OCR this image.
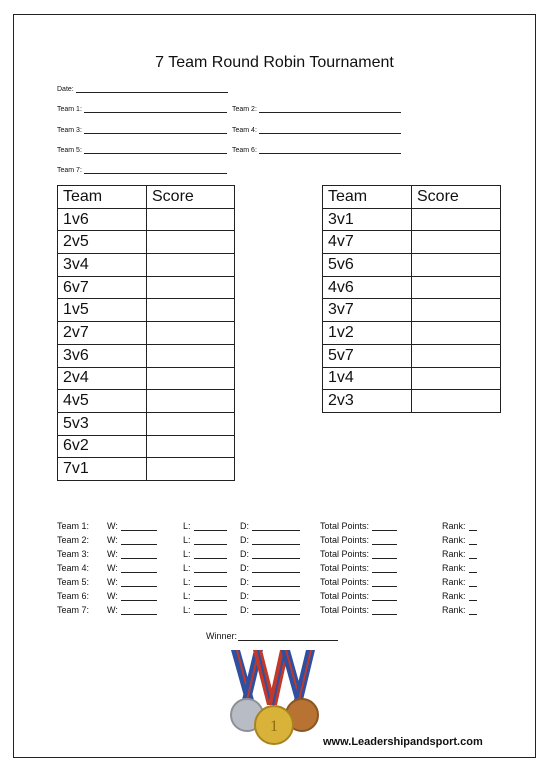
7 Team Round Robin Tournament
Date:
Team 1:	Team 2:
Team 3:	Team 4:
Team 5:	Team 6:
Team 7:
Team	Score
1v6	
2v5	
3v4	
6v7	
1v5	
2v7	
3v6	
2v4	
4v5	
5v3	
6v2	
7v1	
Team	Score
3v1	
4v7	
5v6	
4v6	
3v7	
1v2	
5v7	
1v4	
2v3	
Team 1: W:	L:	D:	Total Points:	Rank:
Team 2: W:	L:	D:	Total Points:	Rank:
Team 3: W:	L:	D:	Total Points:	Rank:
Team 4: W:	L:	D:	Total Points:	Rank:
Team 5: W:	L:	D:	Total Points:	Rank:
Team 6: W:	L:	D:	Total Points:	Rank:
Team 7: W:	L:	D:	Total Points:	Rank:
Winner:
1
www.Leadershipandsport.com
